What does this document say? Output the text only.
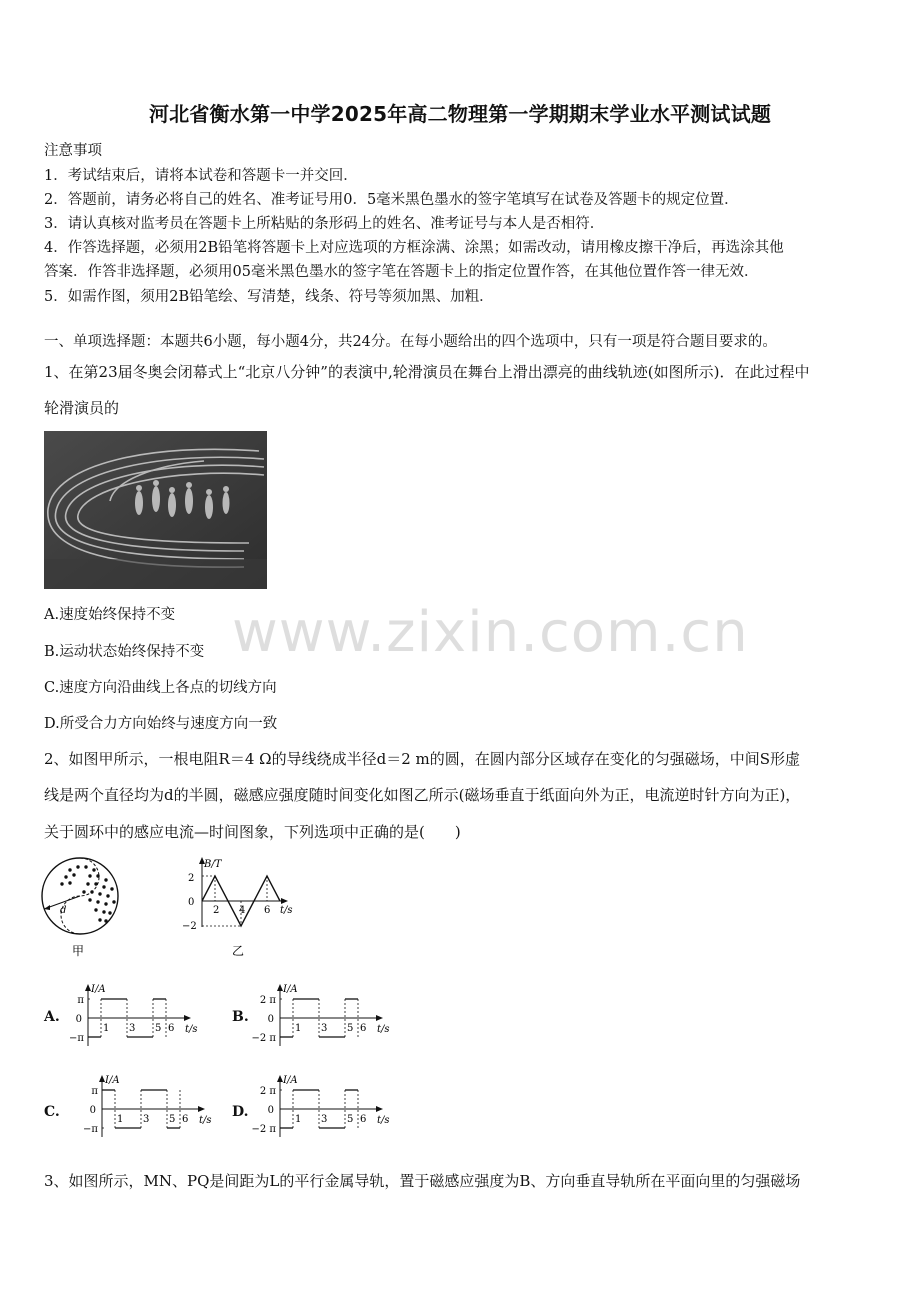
河北省衡水第一中学2025年高二物理第一学期期末学业水平测试试题
注意事项
1．考试结束后，请将本试卷和答题卡一并交回．
2．答题前，请务必将自己的姓名、准考证号用0．5毫米黑色墨水的签字笔填写在试卷及答题卡的规定位置．
3．请认真核对监考员在答题卡上所粘贴的条形码上的姓名、准考证号与本人是否相符．
4．作答选择题，必须用2B铅笔将答题卡上对应选项的方框涂满、涂黑；如需改动，请用橡皮擦干净后，再选涂其他
答案．作答非选择题，必须用05毫米黑色墨水的签字笔在答题卡上的指定位置作答，在其他位置作答一律无效．
5．如需作图，须用2B铅笔绘、写清楚，线条、符号等须加黑、加粗．
一、单项选择题：本题共6小题，每小题4分，共24分。在每小题给出的四个选项中，只有一项是符合题目要求的。
1、在第23届冬奥会闭幕式上“北京八分钟”的表演中,轮滑演员在舞台上滑出漂亮的曲线轨迹(如图所示)．在此过程中
轮滑演员的
A.速度始终保持不变
B.运动状态始终保持不变
C.速度方向沿曲线上各点的切线方向
D.所受合力方向始终与速度方向一致
www.zixin.com.cn
2、如图甲所示，一根电阻R＝4 Ω的导线绕成半径d＝2 m的圆，在圆内部分区域存在变化的匀强磁场，中间S形虚
线是两个直径均为d的半圆，磁感应强度随时间变化如图乙所示(磁场垂直于纸面向外为正，电流逆时针方向为正)，
关于圆环中的感应电流—时间图象，下列选项中正确的是(　　)
d
甲
B/T
t/s
2
0
−2
2 4 6
乙
A.	B.
C.	D.
I/A
t/s
π
0
−π
1 3 5 6
I/A
t/s
2 π
0
−2 π
1 3 5 6
I/A
t/s
π
0
−π
1 3 5 6
I/A
t/s
2 π
0
−2 π
1 3 5 6
3、如图所示，MN、PQ是间距为L的平行金属导轨，置于磁感应强度为B、方向垂直导轨所在平面向里的匀强磁场
